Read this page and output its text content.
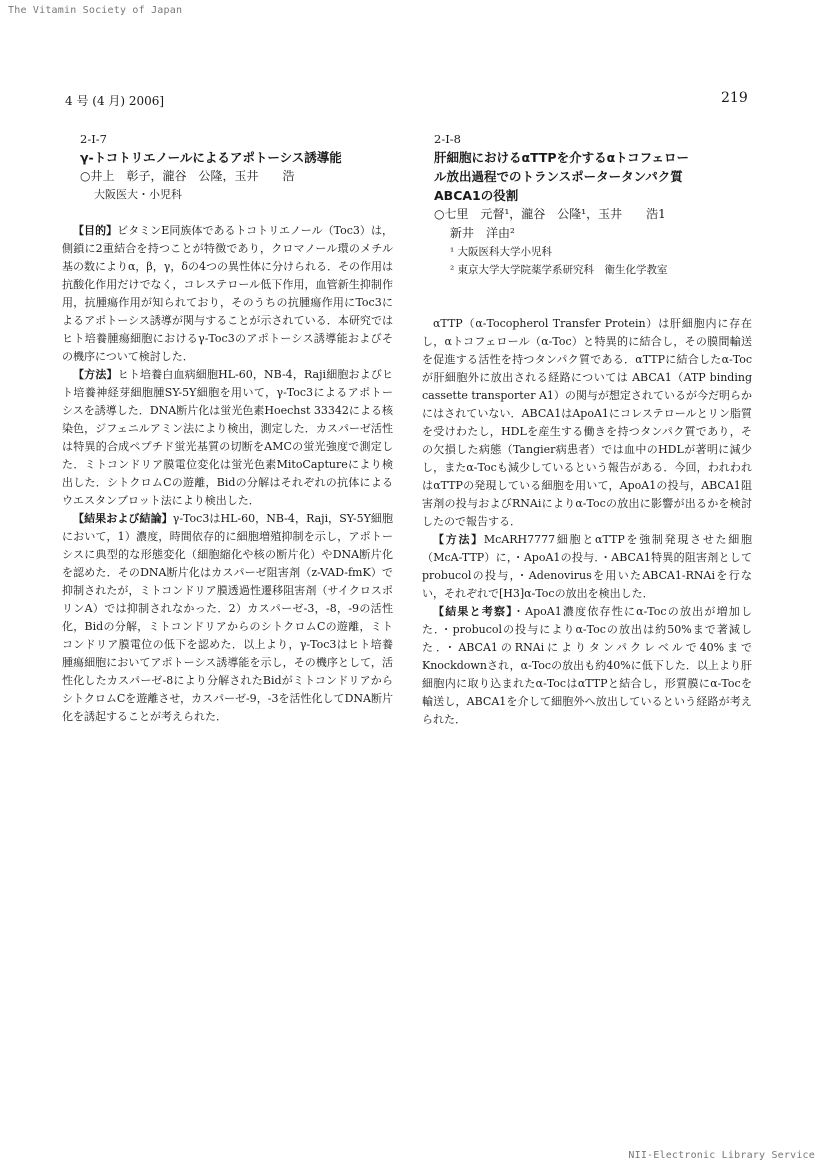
The Vitamin Society of Japan
4 号 (4 月) 2006]	219
2-I-7
γ-トコトリエノールによるアポトーシス誘導能
○井上　彰子，瀧谷　公隆，玉井　　浩
大阪医大・小児科

【目的】ビタミンE同族体であるトコトリエノール（Toc3）は，側鎖に2重結合を持つことが特徴であり，クロマノール環のメチル基の数によりα，β，γ，δの4つの異性体に分けられる．その作用は抗酸化作用だけでなく，コレステロール低下作用，血管新生抑制作用，抗腫瘍作用が知られており，そのうちの抗腫瘍作用にToc3によるアポトーシス誘導が関与することが示されている．本研究ではヒト培養腫瘍細胞におけるγ-Toc3のアポトーシス誘導能およびその機序について検討した．

【方法】ヒト培養白血病細胞HL-60，NB-4，Raji細胞およびヒト培養神経芽細胞腫SY-5Y細胞を用いて，γ-Toc3によるアポトーシスを誘導した．DNA断片化は蛍光色素Hoechst 33342による核染色，ジフェニルアミン法により検出，測定した．カスパーゼ活性は特異的合成ペプチド蛍光基質の切断をAMCの蛍光強度で測定した．ミトコンドリア膜電位変化は蛍光色素MitoCaptureにより検出した．シトクロムCの遊離，Bidの分解はそれぞれの抗体によるウエスタンブロット法により検出した．

【結果および結論】γ-Toc3はHL-60，NB-4，Raji，SY-5Y細胞において，1）濃度，時間依存的に細胞増殖抑制を示し，アポトーシスに典型的な形態変化（細胞縮化や核の断片化）やDNA断片化を認めた．そのDNA断片化はカスパーゼ阻害剤（z-VAD-fmK）で抑制されたが，ミトコンドリア膜透過性遷移阻害剤（サイクロスポリンA）では抑制されなかった．2）カスパーゼ-3，-8，-9の活性化，Bidの分解，ミトコンドリアからのシトクロムCの遊離，ミトコンドリア膜電位の低下を認めた．以上より，γ-Toc3はヒト培養腫瘍細胞においてアポトーシス誘導能を示し，その機序として，活性化したカスパーゼ-8により分解されたBidがミトコンドリアからシトクロムCを遊離させ，カスパーゼ-9，-3を活性化してDNA断片化を誘起することが考えられた．

2-I-8
肝細胞におけるαTTPを介するαトコフェロー
ル放出過程でのトランスポータータンパク質
ABCA1の役割
○七里　元督¹，瀧谷　公隆¹，玉井　　浩1
新井　洋由²
¹ 大阪医科大学小児科
² 東京大学大学院薬学系研究科　衛生化学教室

αTTP（α-Tocopherol Transfer Protein）は肝細胞内に存在し，αトコフェロール（α-Toc）と特異的に結合し，その膜間輸送を促進する活性を持つタンパク質である．αTTPに結合したα-Tocが肝細胞外に放出される経路については ABCA1（ATP binding cassette transporter A1）の関与が想定されているが今だ明らかにはされていない．ABCA1はApoA1にコレステロールとリン脂質を受けわたし，HDLを産生する働きを持つタンパク質であり，その欠損した病態（Tangier病患者）では血中のHDLが著明に減少し，またα-Tocも減少しているという報告がある．今回，われわれはαTTPの発現している細胞を用いて，ApoA1の投与，ABCA1阻害剤の投与およびRNAiによりα-Tocの放出に影響が出るかを検討したので報告する．

【方法】McARH7777細胞とαTTPを強制発現させた細胞（McA-TTP）に，・ApoA1の投与．・ABCA1特異的阻害剤としてprobucolの投与，・Adenovirusを用いたABCA1-RNAiを行ない，それぞれで[H3]α-Tocの放出を検出した．

【結果と考察】・ApoA1濃度依存性にα-Tocの放出が増加した．・probucolの投与によりα-Tocの放出は約50%まで著減した．・ABCA1のRNAiによりタンパクレベルで40%までKnockdownされ，α-Tocの放出も約40%に低下した．以上より肝細胞内に取り込まれたα-TocはαTTPと結合し，形質膜にα-Tocを輸送し，ABCA1を介して細胞外へ放出しているという経路が考えられた．

NII-Electronic Library Service
